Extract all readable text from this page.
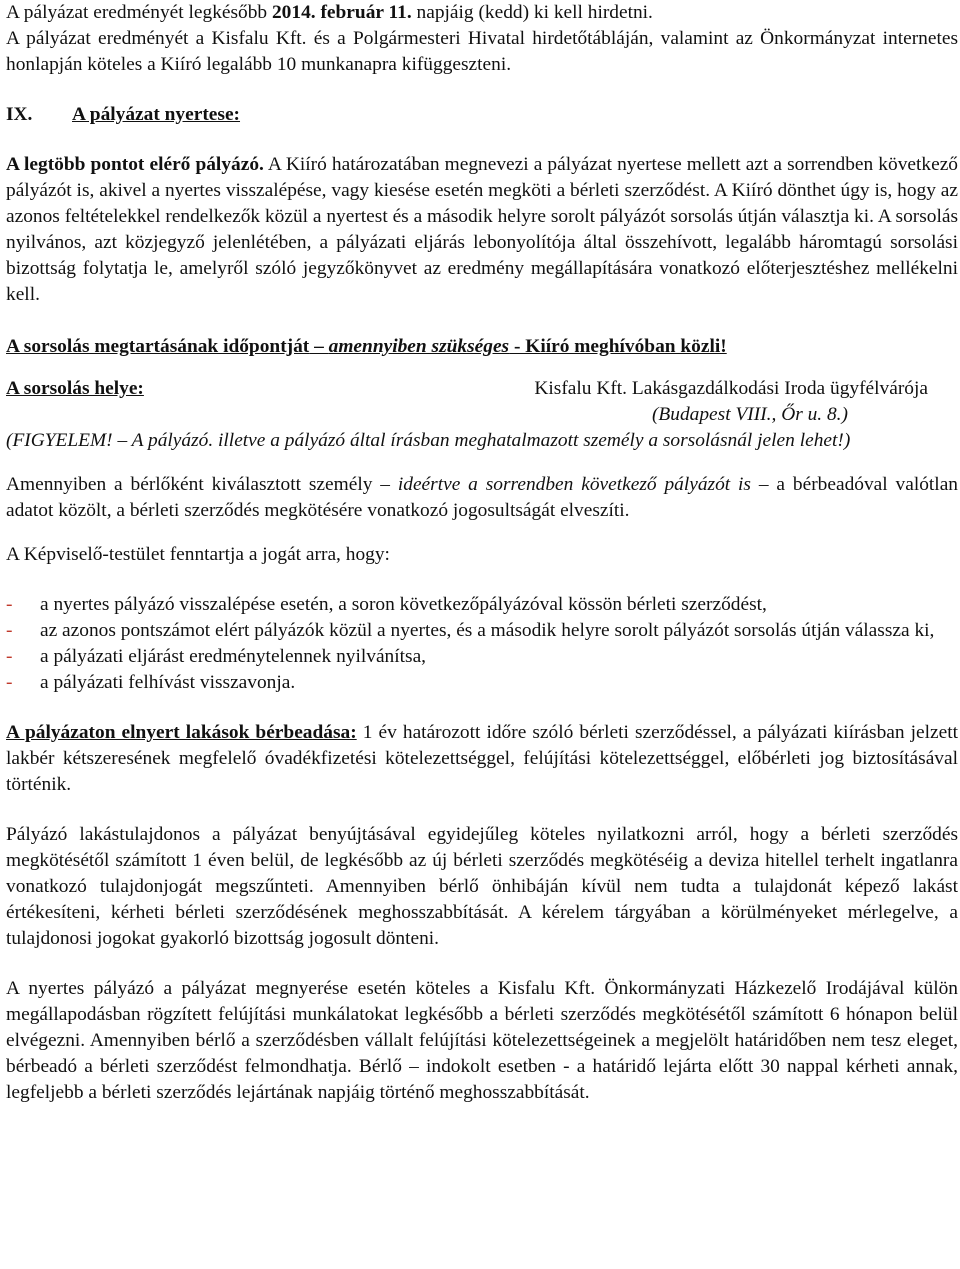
A pályázat eredményét legkésőbb 2014. február 11. napjáig (kedd) ki kell hirdetni.

A pályázat eredményét a Kisfalu Kft. és a Polgármesteri Hivatal hirdetőtábláján, valamint az Önkormányzat internetes honlapján köteles a Kiíró legalább 10 munkanapra kifüggeszteni.

IX.	A pályázat nyertese:

A legtöbb pontot elérő pályázó. A Kiíró határozatában megnevezi a pályázat nyertese mellett azt a sorrendben következő pályázót is, akivel a nyertes visszalépése, vagy kiesése esetén megköti a bérleti szerződést. A Kiíró dönthet úgy is, hogy az azonos feltételekkel rendelkezők közül a nyertest és a második helyre sorolt pályázót sorsolás útján választja ki. A sorsolás nyilvános, azt közjegyző jelenlétében, a pályázati eljárás lebonyolítója által összehívott, legalább háromtagú sorsolási bizottság folytatja le, amelyről szóló jegyzőkönyvet az eredmény megállapítására vonatkozó előterjesztéshez mellékelni kell.

A sorsolás megtartásának időpontját – amennyiben szükséges - Kiíró meghívóban közli!

A sorsolás helye:	Kisfalu Kft. Lakásgazdálkodási Iroda ügyfélvárója
(Budapest VIII., Őr u. 8.)

(FIGYELEM! – A pályázó. illetve a pályázó által írásban meghatalmazott személy a sorsolásnál jelen lehet!)

Amennyiben a bérlőként kiválasztott személy – ideértve a sorrendben következő pályázót is – a bérbeadóval valótlan adatot közölt, a bérleti szerződés megkötésére vonatkozó jogosultságát elveszíti.

A Képviselő-testület fenntartja a jogát arra, hogy:

-	a nyertes pályázó visszalépése esetén, a soron következőpályázóval kössön bérleti szerződést,
-	az azonos pontszámot elért pályázók közül a nyertes, és a második helyre sorolt pályázót sorsolás útján válassza ki,
-	a pályázati eljárást eredménytelennek nyilvánítsa,
-	a pályázati felhívást visszavonja.

A pályázaton elnyert lakások bérbeadása: 1 év határozott időre szóló bérleti szerződéssel, a pályázati kiírásban jelzett lakbér kétszeresének megfelelő óvadékfizetési kötelezettséggel, felújítási kötelezettséggel, előbérleti jog biztosításával történik.

Pályázó lakástulajdonos a pályázat benyújtásával egyidejűleg köteles nyilatkozni arról, hogy a bérleti szerződés megkötésétől számított 1 éven belül, de legkésőbb az új bérleti szerződés megkötéséig a deviza hitellel terhelt ingatlanra vonatkozó tulajdonjogát megszűnteti. Amennyiben bérlő önhibáján kívül nem tudta a tulajdonát képező lakást értékesíteni, kérheti bérleti szerződésének meghosszabbítását. A kérelem tárgyában a körülményeket mérlegelve, a tulajdonosi jogokat gyakorló bizottság jogosult dönteni.

A nyertes pályázó a pályázat megnyerése esetén köteles a Kisfalu Kft. Önkormányzati Házkezelő Irodájával külön megállapodásban rögzített felújítási munkálatokat legkésőbb a bérleti szerződés megkötésétől számított 6 hónapon belül elvégezni. Amennyiben bérlő a szerződésben vállalt felújítási kötelezettségeinek a megjelölt határidőben nem tesz eleget, bérbeadó a bérleti szerződést felmondhatja. Bérlő – indokolt esetben - a határidő lejárta előtt 30 nappal kérheti annak, legfeljebb a bérleti szerződés lejártának napjáig történő meghosszabbítását.
